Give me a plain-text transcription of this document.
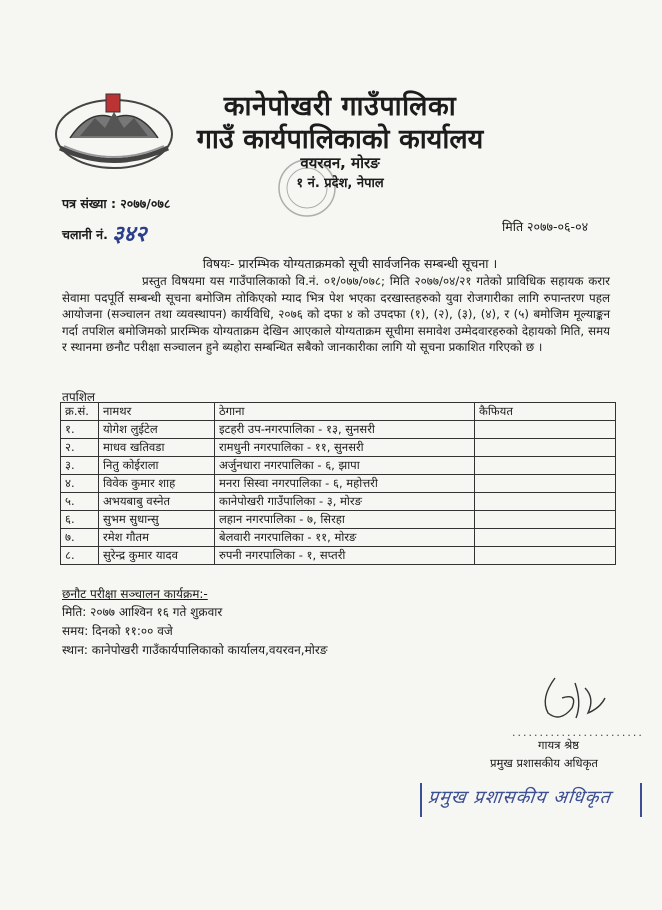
कानेपोखरी गाउँपालिका
गाउँ कार्यपालिकाको कार्यालय
वयरवन, मोरङ
१ नं. प्रदेश, नेपाल
पत्र संख्या : २०७७/०७८
चलानी नं. ३४२	मिति २०७७-०६-०४
विषयः- प्रारम्भिक योग्यताक्रमको सूची सार्वजनिक सम्बन्धी सूचना ।
प्रस्तुत विषयमा यस गाउँपालिकाको वि.नं. ०१/०७७/०७८; मिति २०७७/०४/२१ गतेको प्राविधिक सहायक करार सेवामा पदपूर्ति सम्बन्धी सूचना बमोजिम तोकिएको म्याद भित्र पेश भएका दरखास्तहरुको युवा रोजगारीका लागि रुपान्तरण पहल आयोजना (सञ्चालन तथा व्यवस्थापन) कार्यविधि, २०७६ को दफा ४ को उपदफा (१), (२), (३), (४), र (५) बमोजिम मूल्याङ्कन गर्दा तपशिल बमोजिमको प्रारम्भिक योग्यताक्रम देखिन आएकाले योग्यताक्रम सूचीमा समावेश उम्मेदवारहरुको देहायको मिति, समय र स्थानमा छनौट परीक्षा सञ्चालन हुने ब्यहोरा सम्बन्धित सबैको जानकारीका लागि यो सूचना प्रकाशित गरिएको छ ।
तपशिल
क्र.सं.	नामथर	ठेगाना	कैफियत
१.	योगेश लुईटेल	इटहरी उप-नगरपालिका - १३, सुनसरी	
२.	माधव खतिवडा	रामधुनी नगरपालिका - ११, सुनसरी	
३.	नितु कोईराला	अर्जुनधारा नगरपालिका - ६, झापा	
४.	विवेक कुमार शाह	मनरा सिस्वा नगरपालिका - ६, महोत्तरी	
५.	अभयबाबु वस्नेत	कानेपोखरी गाउँपालिका - ३, मोरङ	
६.	सुभम सुधान्सु	लहान नगरपालिका - ७, सिरहा	
७.	रमेश गौतम	बेलवारी नगरपालिका - ११, मोरङ	
८.	सुरेन्द्र कुमार यादव	रुपनी नगरपालिका - १, सप्तरी	
छनौट परीक्षा सञ्चालन कार्यक्रम:-
मिति: २०७७ आश्विन १६ गते शुक्रवार
समय: दिनको ११:०० वजे
स्थान: कानेपोखरी गाउँकार्यपालिकाको कार्यालय,वयरवन,मोरङ
........................
गायत्र श्रेष्ठ
प्रमुख प्रशासकीय अधिकृत
प्रमुख प्रशासकीय अधिकृत
